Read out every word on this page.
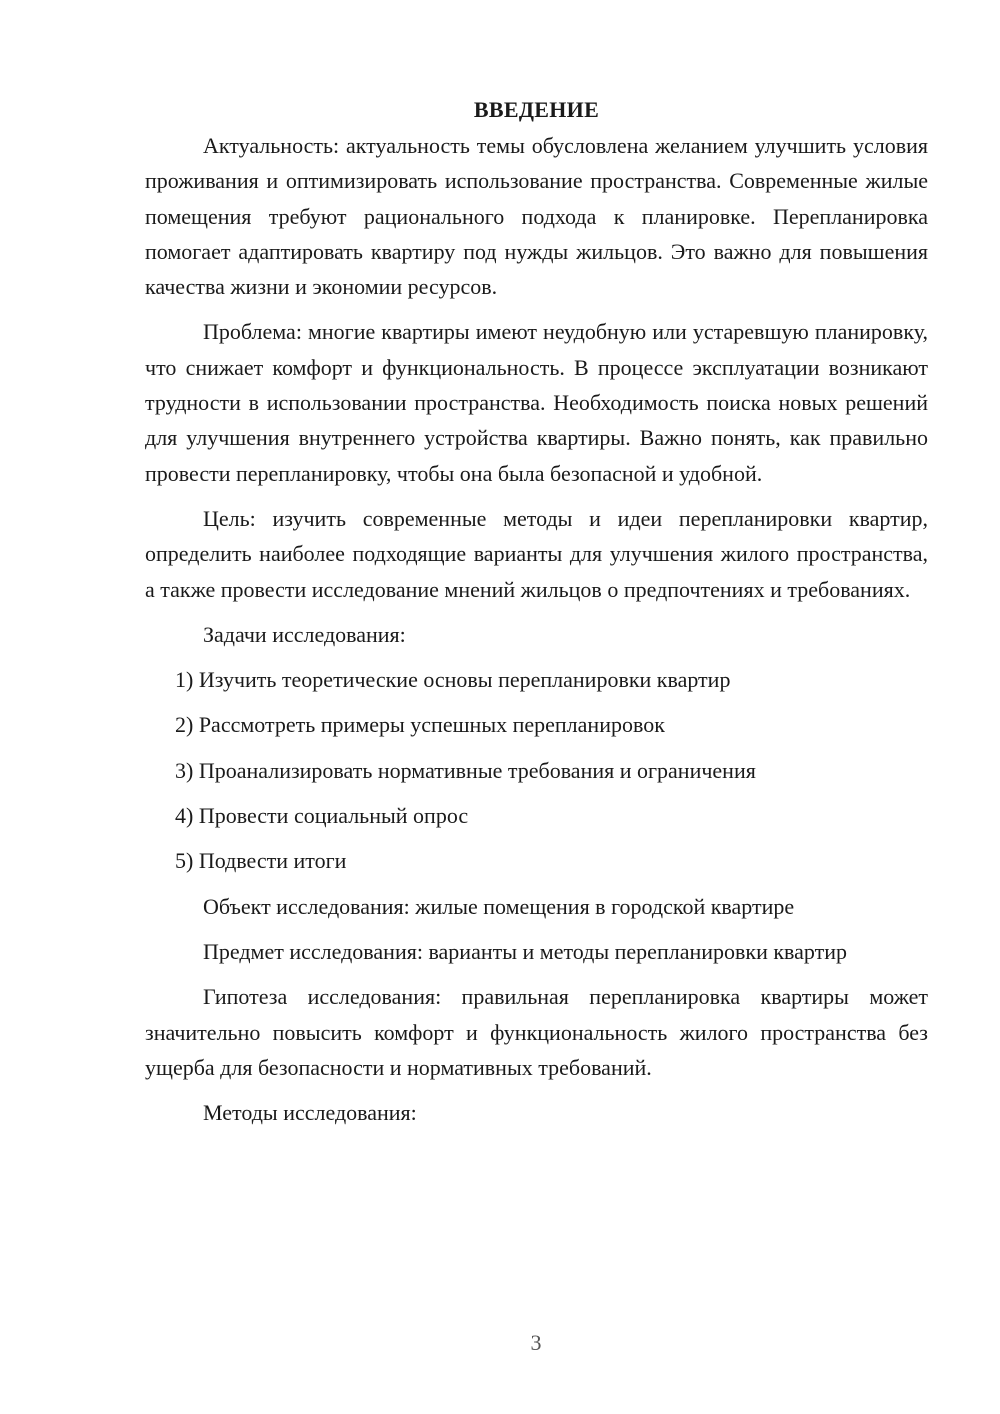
ВВЕДЕНИЕ

Актуальность: актуальность темы обусловлена желанием улучшить условия проживания и оптимизировать использование пространства. Современные жилые помещения требуют рационального подхода к планировке. Перепланировка помогает адаптировать квартиру под нужды жильцов. Это важно для повышения качества жизни и экономии ресурсов.

Проблема: многие квартиры имеют неудобную или устаревшую планировку, что снижает комфорт и функциональность. В процессе эксплуатации возникают трудности в использовании пространства. Необходимость поиска новых решений для улучшения внутреннего устройства квартиры. Важно понять, как правильно провести перепланировку, чтобы она была безопасной и удобной.

Цель: изучить современные методы и идеи перепланировки квартир, определить наиболее подходящие варианты для улучшения жилого пространства, а также провести исследование мнений жильцов о предпочтениях и требованиях.

Задачи исследования:

1) Изучить теоретические основы перепланировки квартир
2) Рассмотреть примеры успешных перепланировок
3) Проанализировать нормативные требования и ограничения
4) Провести социальный опрос
5) Подвести итоги

Объект исследования: жилые помещения в городской квартире

Предмет исследования: варианты и методы перепланировки квартир

Гипотеза исследования: правильная перепланировка квартиры может значительно повысить комфорт и функциональность жилого пространства без ущерба для безопасности и нормативных требований.

Методы исследования:

3
